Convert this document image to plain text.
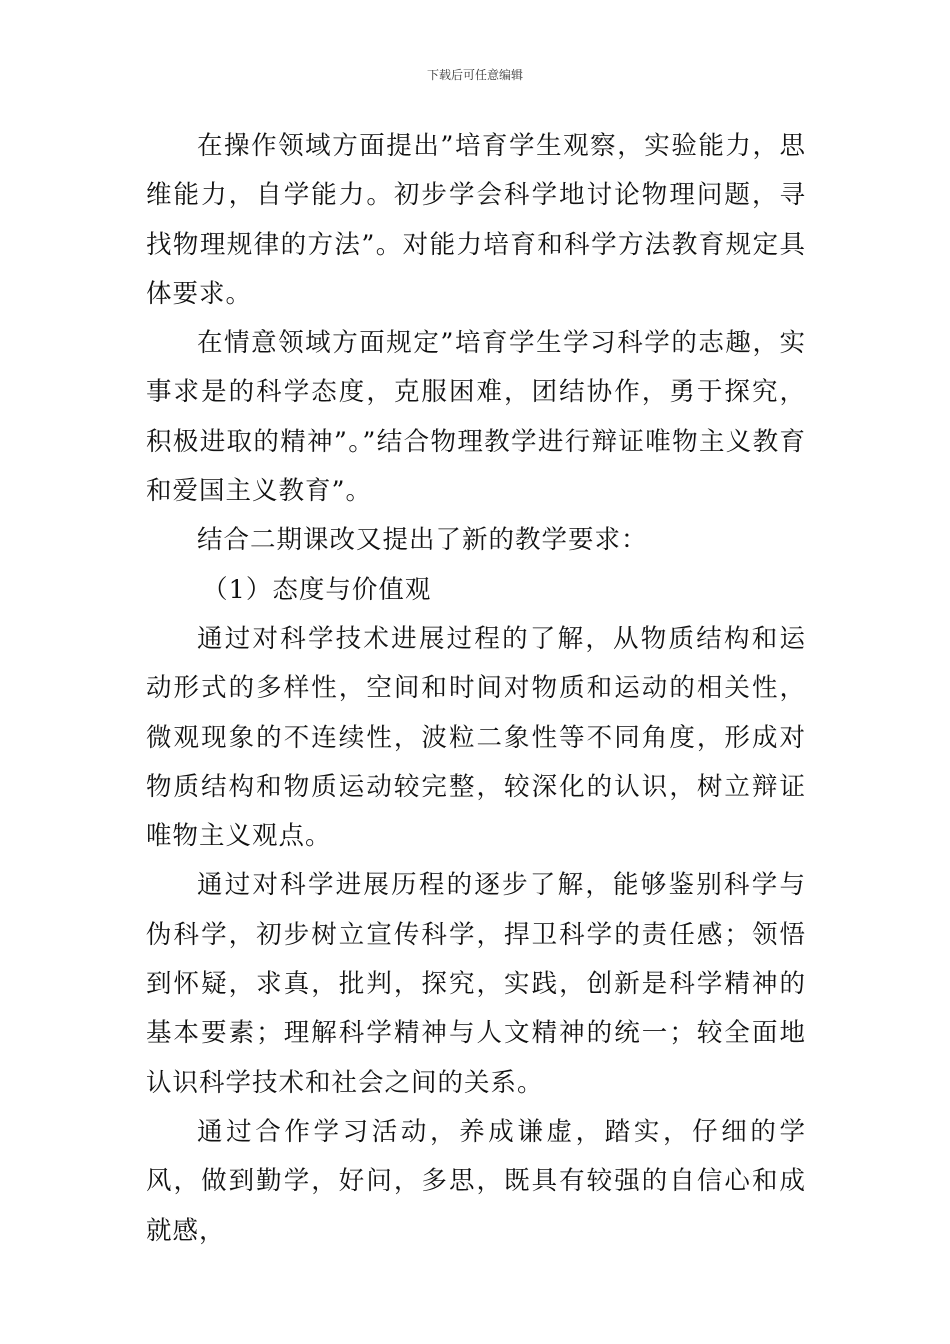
下载后可任意编辑

在操作领域方面提出”培育学生观察，实验能力，思维能力，自学能力。初步学会科学地讨论物理问题，寻找物理规律的方法”。对能力培育和科学方法教育规定具体要求。

在情意领域方面规定”培育学生学习科学的志趣，实事求是的科学态度，克服困难，团结协作，勇于探究，积极进取的精神”。”结合物理教学进行辩证唯物主义教育和爱国主义教育”。

结合二期课改又提出了新的教学要求：

（1）态度与价值观

通过对科学技术进展过程的了解，从物质结构和运动形式的多样性，空间和时间对物质和运动的相关性，微观现象的不连续性，波粒二象性等不同角度，形成对物质结构和物质运动较完整，较深化的认识，树立辩证唯物主义观点。

通过对科学进展历程的逐步了解，能够鉴别科学与伪科学，初步树立宣传科学，捍卫科学的责任感；领悟到怀疑，求真，批判，探究，实践，创新是科学精神的基本要素；理解科学精神与人文精神的统一；较全面地认识科学技术和社会之间的关系。

通过合作学习活动，养成谦虚，踏实，仔细的学风，做到勤学，好问，多思，既具有较强的自信心和成就感，
